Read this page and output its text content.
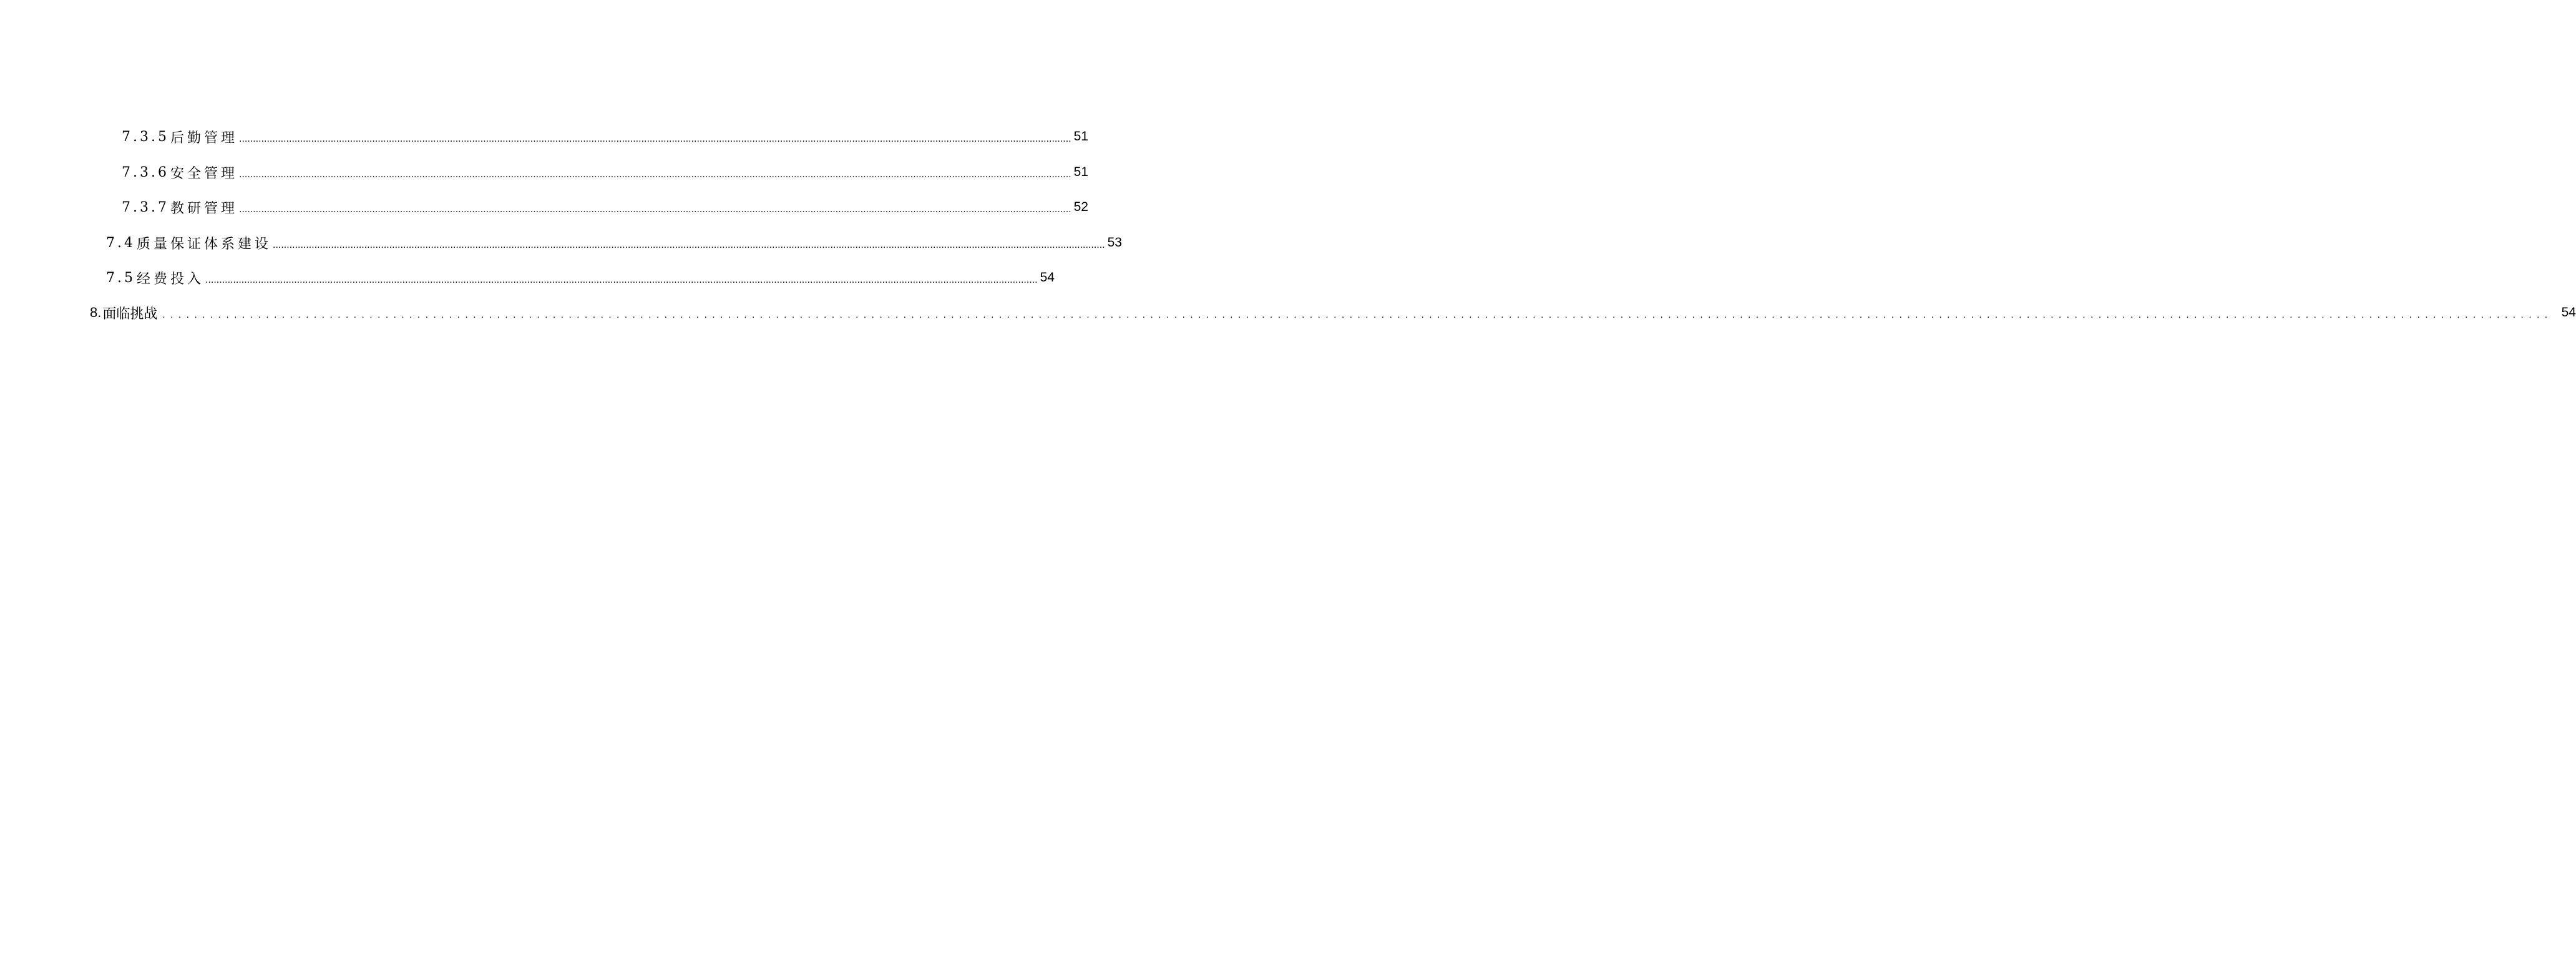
7.3.5 后勤管理 ............................................................................................................................................................................................................................................................................................................ 51
7.3.6 安全管理 ............................................................................................................................................................................................................................................................................................................ 51
7.3.7 教研管理 ............................................................................................................................................................................................................................................................................................................ 52
7.4 质量保证体系建设 ............................................................................................................................................................................................................................................................................................................ 53
7.5 经费投入 ............................................................................................................................................................................................................................................................................................................ 54
8. 面临挑战 ............................................................................................................................................................................................................................................................................................................ 54
